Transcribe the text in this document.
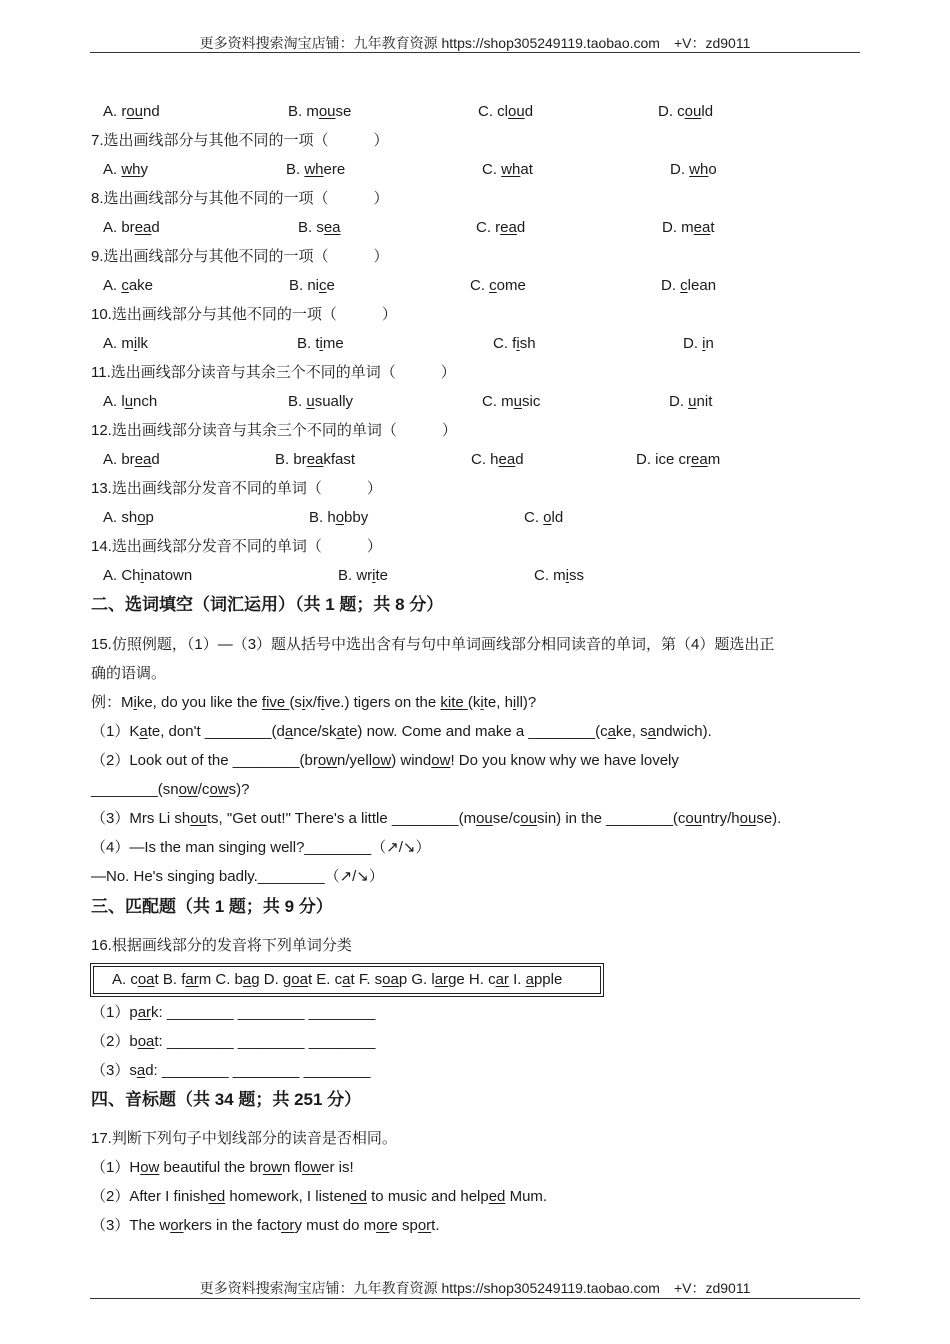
更多资料搜索淘宝店铺：九年教育资源 https://shop305249119.taobao.com　+V：zd9011
A. round	B. mouse	C. cloud	D. could
7.选出画线部分与其他不同的一项（　　　）
A. why	B. where	C. what	D. who
8.选出画线部分与其他不同的一项（　　　）
A. bread	B. sea	C. read	D. meat
9.选出画线部分与其他不同的一项（　　　）
A. cake	B. nice	C. come	D. clean
10.选出画线部分与其他不同的一项（　　　）
A. milk	B. time	C. fish	D. in
11.选出画线部分读音与其余三个不同的单词（　　　）
A. lunch	B. usually	C. music	D. unit
12.选出画线部分读音与其余三个不同的单词（　　　）
A. bread	B. breakfast	C. head	D. ice cream
13.选出画线部分发音不同的单词（　　　）
A. shop	B. hobby	C. old
14.选出画线部分发音不同的单词（　　　）
A. Chinatown	B. write	C. miss
二、选词填空（词汇运用）（共 1 题；共 8 分）
15.仿照例题，（1）—（3）题从括号中选出含有与句中单词画线部分相同读音的单词，第（4）题选出正
确的语调。
例：Mike, do you like the five (six/five.) tigers on the kite (kite, hill)?
（1）Kate, don't ________(dance/skate) now. Come and make a ________(cake, sandwich).
（2）Look out of the ________(brown/yellow) window! Do you know why we have lovely
________(snow/cows)?
（3）Mrs Li shouts, "Get out!" There's a little ________(mouse/cousin) in the ________(country/house).
（4）—Is the man singing well?________（↗/↘）
—No. He's singing badly.________（↗/↘）
三、匹配题（共 1 题；共 9 分）
16.根据画线部分的发音将下列单词分类
A. coat B. farm C. bag D. goat E. cat F. soap G. large H. car I. apple
（1）park: ________ ________ ________
（2）boat: ________ ________ ________
（3）sad: ________ ________ ________
四、音标题（共 34 题；共 251 分）
17.判断下列句子中划线部分的读音是否相同。
（1）How beautiful the brown flower is!
（2）After I finished homework, I listened to music and helped Mum.
（3）The workers in the factory must do more sport.
更多资料搜索淘宝店铺：九年教育资源 https://shop305249119.taobao.com　+V：zd9011
